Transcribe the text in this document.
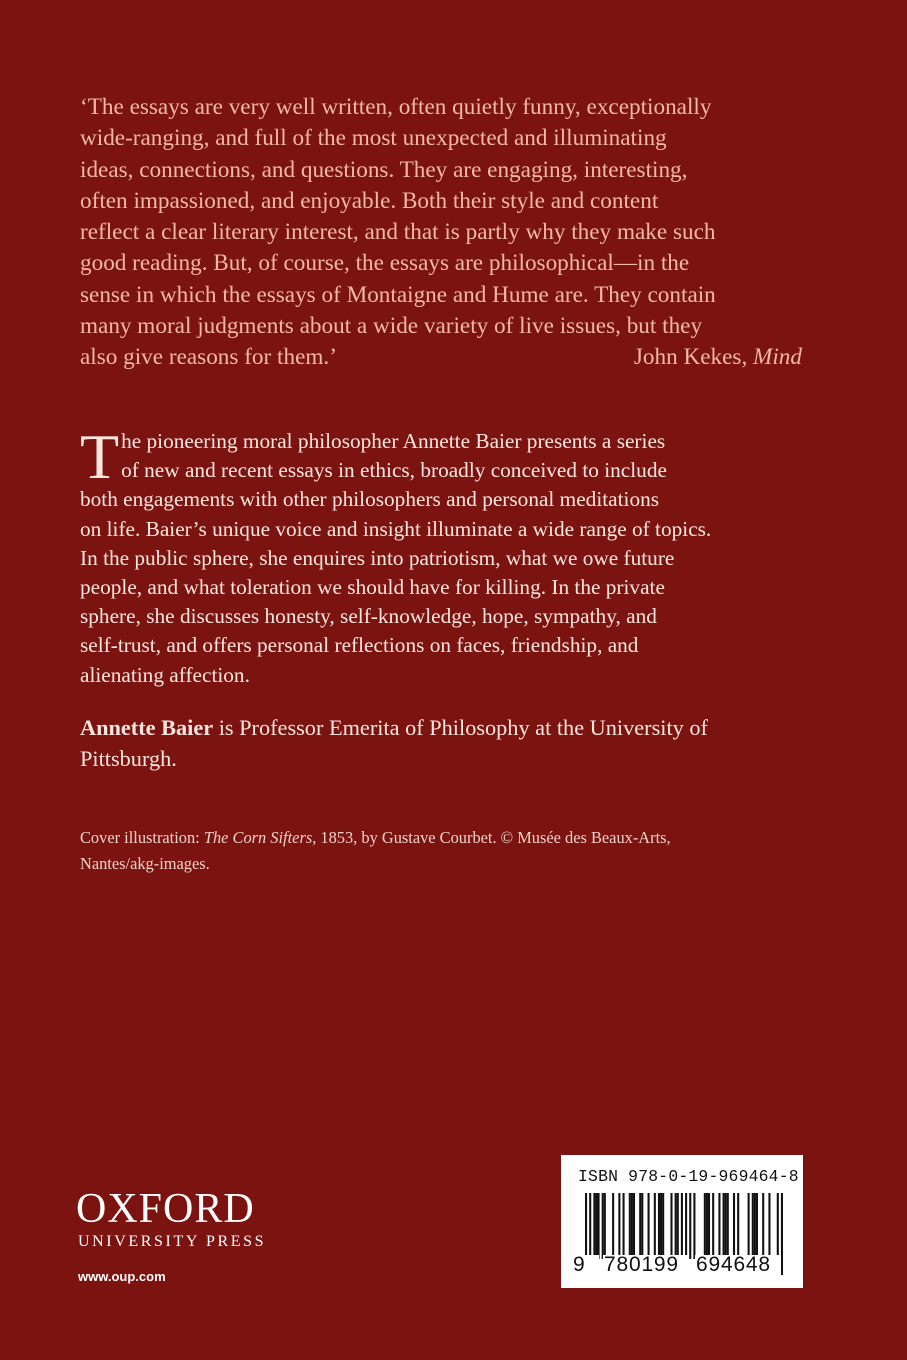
‘The essays are very well written, often quietly funny, exceptionally

wide-ranging, and full of the most unexpected and illuminating

ideas, connections, and questions. They are engaging, interesting,

often impassioned, and enjoyable. Both their style and content

reflect a clear literary interest, and that is partly why they make such

good reading. But, of course, the essays are philosophical—in the

sense in which the essays of Montaigne and Hume are. They contain

many moral judgments about a wide variety of live issues, but they

also give reasons for them.’	John Kekes, Mind
T he pioneering moral philosopher Annette Baier presents a series

of new and recent essays in ethics, broadly conceived to include

both engagements with other philosophers and personal meditations

on life. Baier’s unique voice and insight illuminate a wide range of topics.

In the public sphere, she enquires into patriotism, what we owe future

people, and what toleration we should have for killing. In the private

sphere, she discusses honesty, self-knowledge, hope, sympathy, and

self-trust, and offers personal reflections on faces, friendship, and

alienating affection.

Annette Baier is Professor Emerita of Philosophy at the University of

Pittsburgh.

Cover illustration: The Corn Sifters, 1853, by Gustave Courbet. © Musée des Beaux-Arts,

Nantes/akg-images.

OXFORD
UNIVERSITY PRESS
www.oup.com
ISBN 978-0-19-969464-8
9 780199 694648
